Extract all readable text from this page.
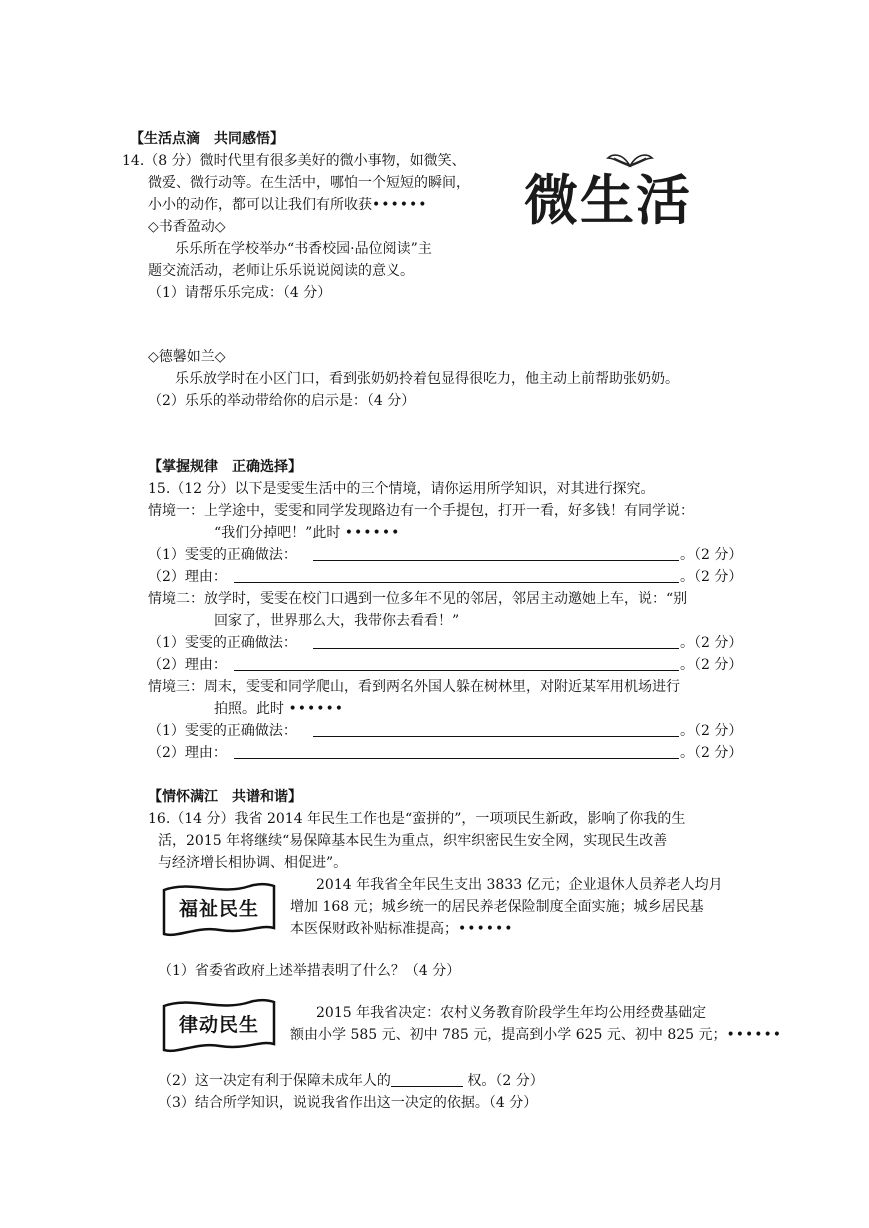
【生活点滴　共同感悟】
14.（8 分）微时代里有很多美好的微小事物，如微笑、
微爱、微行动等。在生活中，哪怕一个短短的瞬间，
小小的动作，都可以让我们有所收获•••••• 微生活
◇书香盈动◇
乐乐所在学校举办“书香校园·品位阅读”主
题交流活动，老师让乐乐说说阅读的意义。
（1）请帮乐乐完成：（4 分）
◇德馨如兰◇
乐乐放学时在小区门口，看到张奶奶拎着包显得很吃力，他主动上前帮助张奶奶。
（2）乐乐的举动带给你的启示是：（4 分）
【掌握规律　正确选择】
15.（12 分）以下是雯雯生活中的三个情境，请你运用所学知识，对其进行探究。
情境一：上学途中，雯雯和同学发现路边有一个手提包，打开一看，好多钱！有同学说：
“我们分掉吧！”此时 ••••••
（1）雯雯的正确做法：	。（2 分）
（2）理由：	。（2 分）
情境二：放学时，雯雯在校门口遇到一位多年不见的邻居，邻居主动邀她上车，说：“别
回家了，世界那么大，我带你去看看！”
（1）雯雯的正确做法：	。（2 分）
（2）理由：	。（2 分）
情境三：周末，雯雯和同学爬山，看到两名外国人躲在树林里，对附近某军用机场进行
拍照。此时 ••••••
（1）雯雯的正确做法：	。（2 分）
（2）理由：	。（2 分）
【情怀满江　共谱和谐】
16.（14 分）我省 2014 年民生工作也是“蛮拼的”，一项项民生新政，影响了你我的生
活，2015 年将继续“易保障基本民生为重点，织牢织密民生安全网，实现民生改善
与经济增长相协调、相促进”。
福祉民生
2014 年我省全年民生支出 3833 亿元；企业退休人员养老人均月
增加 168 元；城乡统一的居民养老保险制度全面实施；城乡居民基
本医保财政补贴标准提高；••••••
（1）省委省政府上述举措表明了什么？（4 分）
律动民生
2015 年我省决定：农村义务教育阶段学生年均公用经费基础定
额由小学 585 元、初中 785 元，提高到小学 625 元、初中 825 元；••••••
（2）这一决定有利于保障未成年人的	权。（2 分）
（3）结合所学知识，说说我省作出这一决定的依据。（4 分）
